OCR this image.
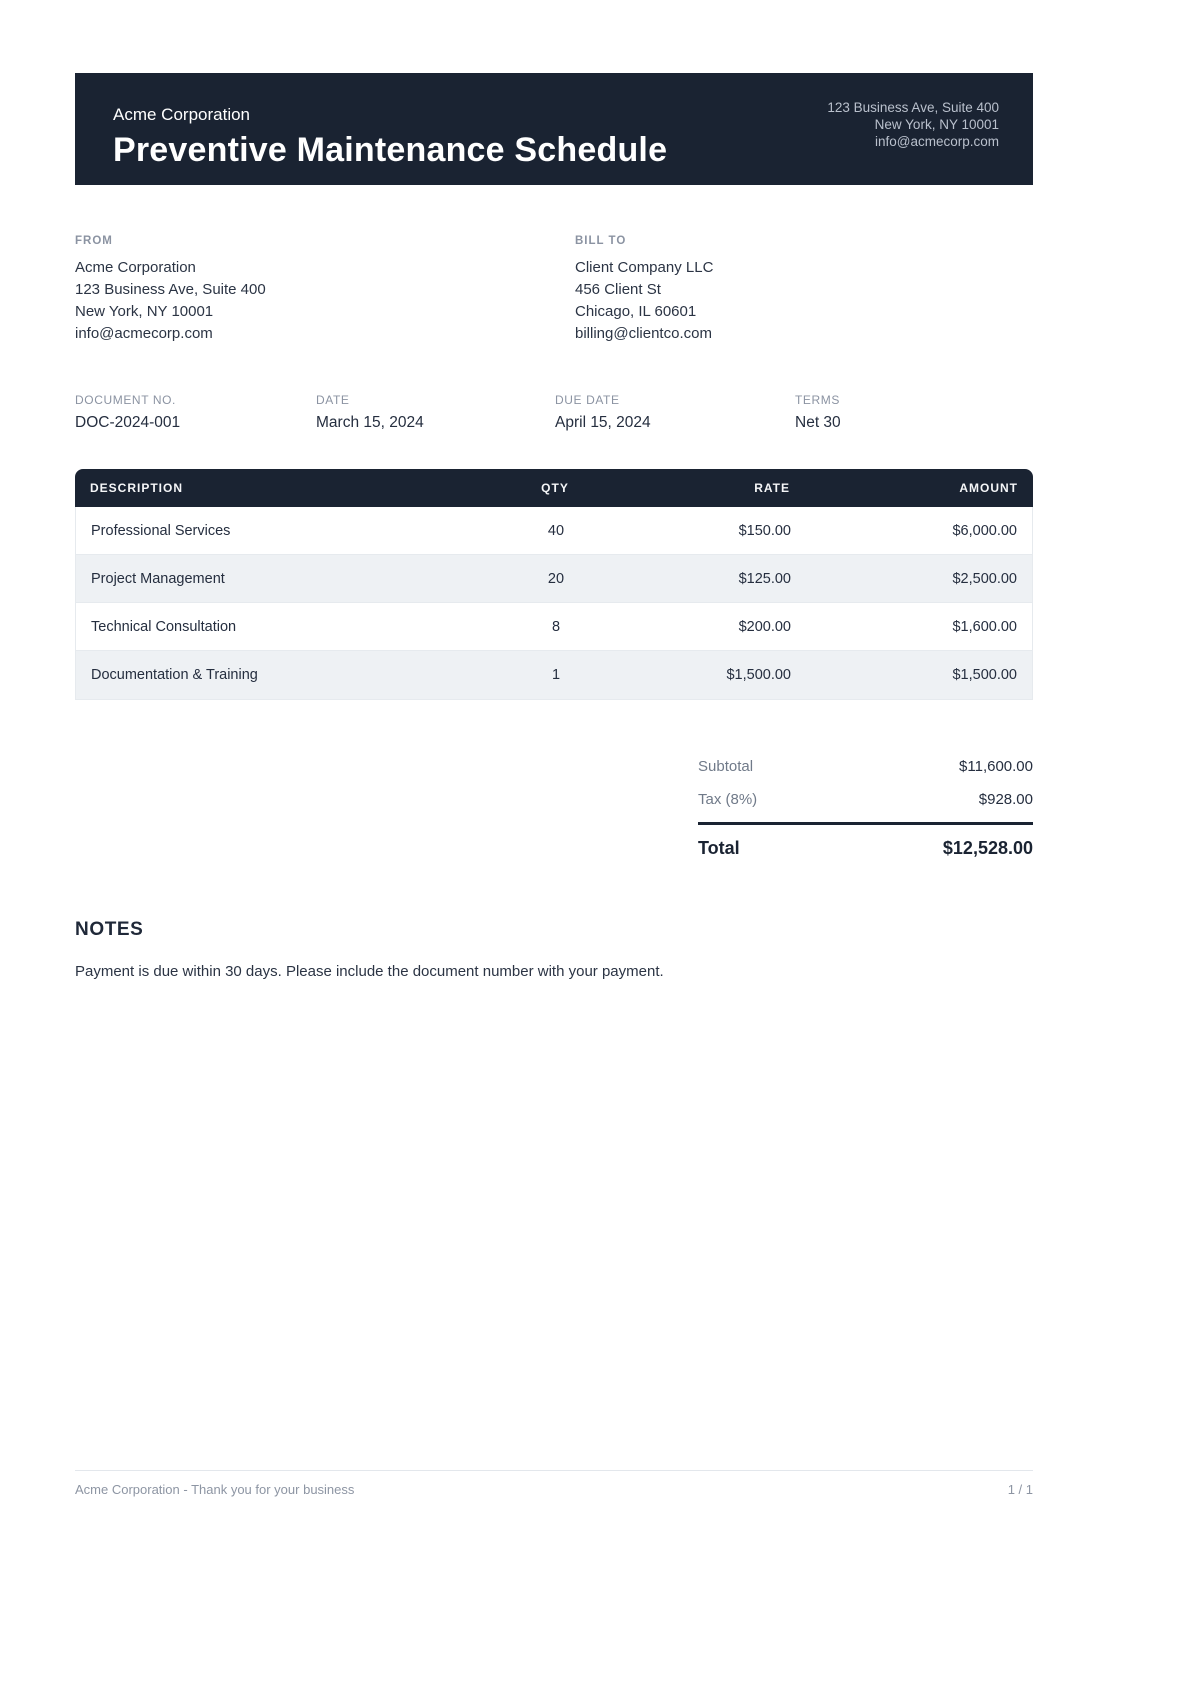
Acme Corporation
Preventive Maintenance Schedule
123 Business Ave, Suite 400
New York, NY 10001
info@acmecorp.com
FROM
Acme Corporation
123 Business Ave, Suite 400
New York, NY 10001
info@acmecorp.com
BILL TO
Client Company LLC
456 Client St
Chicago, IL 60601
billing@clientco.com
DOCUMENT NO.
DOC-2024-001
DATE
March 15, 2024
DUE DATE
April 15, 2024
TERMS
Net 30
DESCRIPTION	QTY	RATE	AMOUNT
Professional Services	40	$150.00	$6,000.00
Project Management	20	$125.00	$2,500.00
Technical Consultation	8	$200.00	$1,600.00
Documentation & Training	1	$1,500.00	$1,500.00
Subtotal	$11,600.00
Tax (8%)	$928.00
Total	$12,528.00
NOTES
Payment is due within 30 days. Please include the document number with your payment.
Acme Corporation - Thank you for your business	1 / 1
